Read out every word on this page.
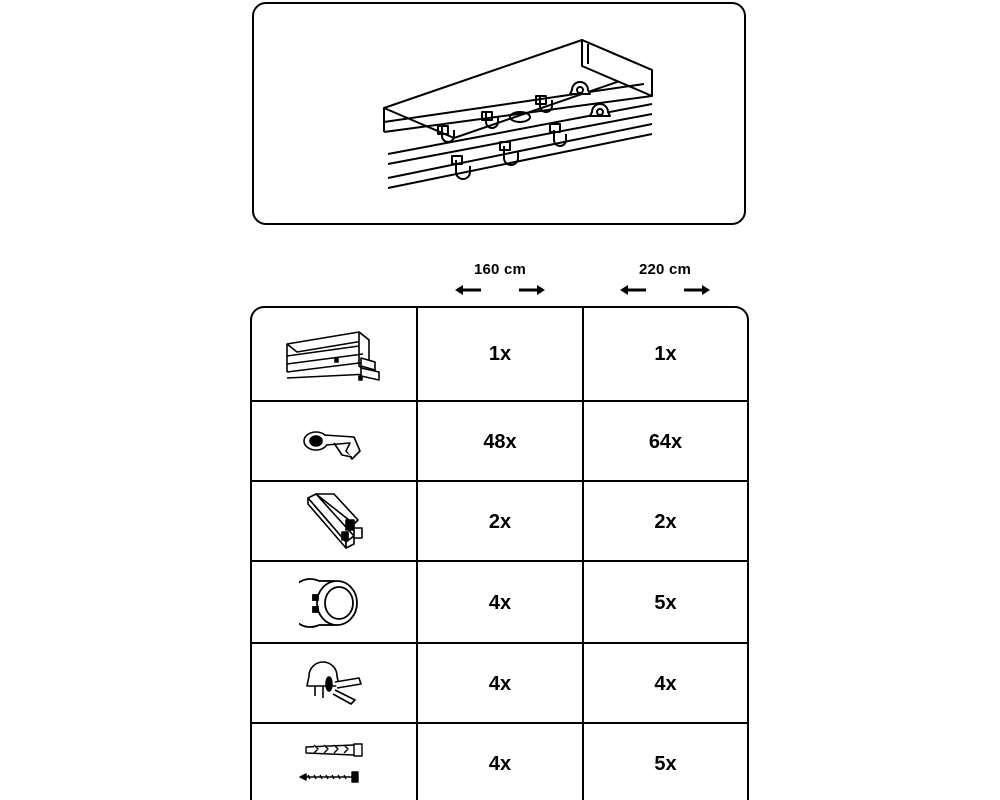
160 cm	220 cm
1x	1x
48x	64x
2x	2x
4x	5x
4x	4x
4x	5x
